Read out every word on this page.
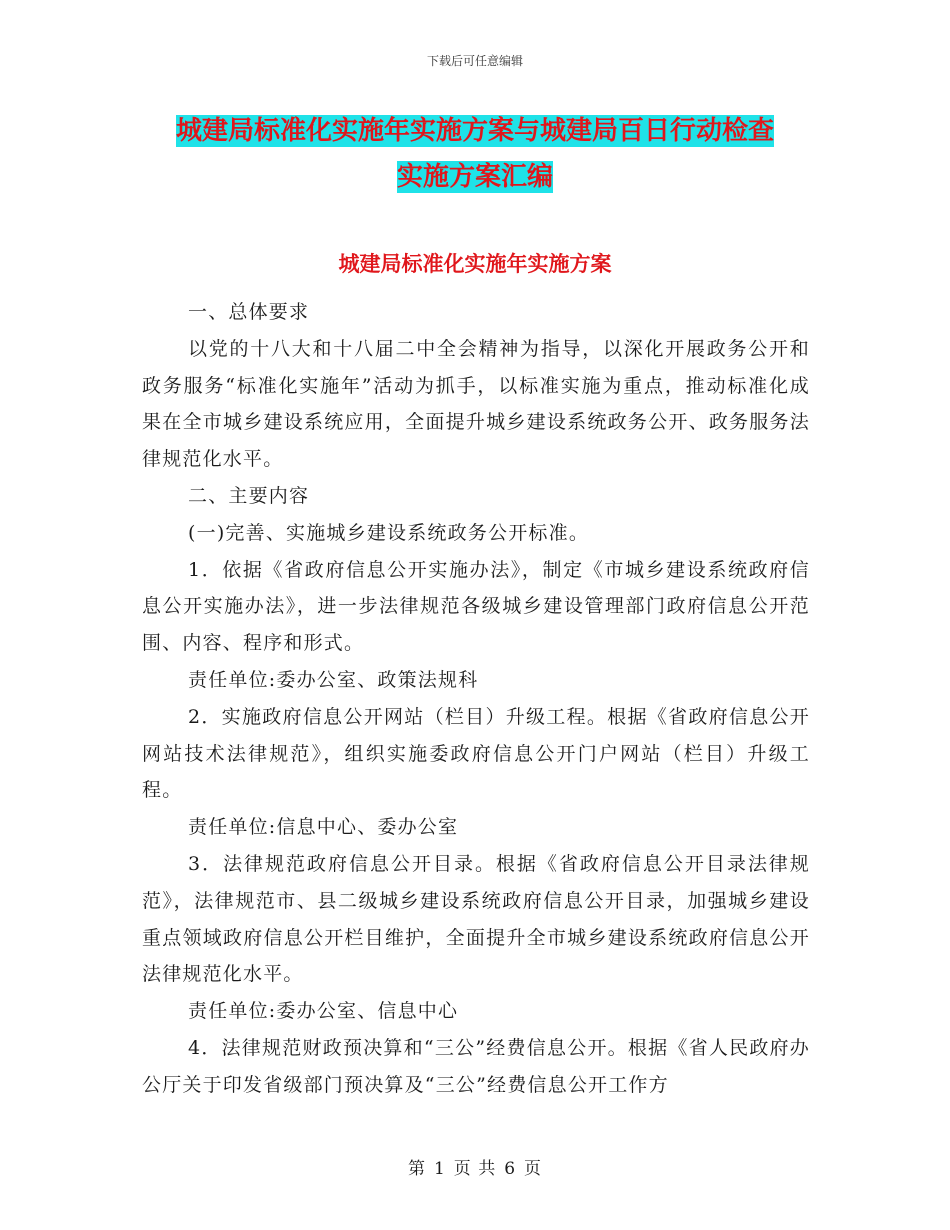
下载后可任意编辑
城建局标准化实施年实施方案与城建局百日行动检查
实施方案汇编
城建局标准化实施年实施方案

一、总体要求

以党的十八大和十八届二中全会精神为指导，以深化开展政务公开和政务服务“标准化实施年”活动为抓手，以标准实施为重点，推动标准化成果在全市城乡建设系统应用，全面提升城乡建设系统政务公开、政务服务法律规范化水平。

二、主要内容

(一)完善、实施城乡建设系统政务公开标准。

1．依据《省政府信息公开实施办法》，制定《市城乡建设系统政府信息公开实施办法》，进一步法律规范各级城乡建设管理部门政府信息公开范围、内容、程序和形式。

责任单位:委办公室、政策法规科

2．实施政府信息公开网站（栏目）升级工程。根据《省政府信息公开网站技术法律规范》，组织实施委政府信息公开门户网站（栏目）升级工程。

责任单位:信息中心、委办公室

3．法律规范政府信息公开目录。根据《省政府信息公开目录法律规范》，法律规范市、县二级城乡建设系统政府信息公开目录，加强城乡建设重点领域政府信息公开栏目维护，全面提升全市城乡建设系统政府信息公开法律规范化水平。

责任单位:委办公室、信息中心

4．法律规范财政预决算和“三公”经费信息公开。根据《省人民政府办公厅关于印发省级部门预决算及“三公”经费信息公开工作方

第 1 页 共 6 页
